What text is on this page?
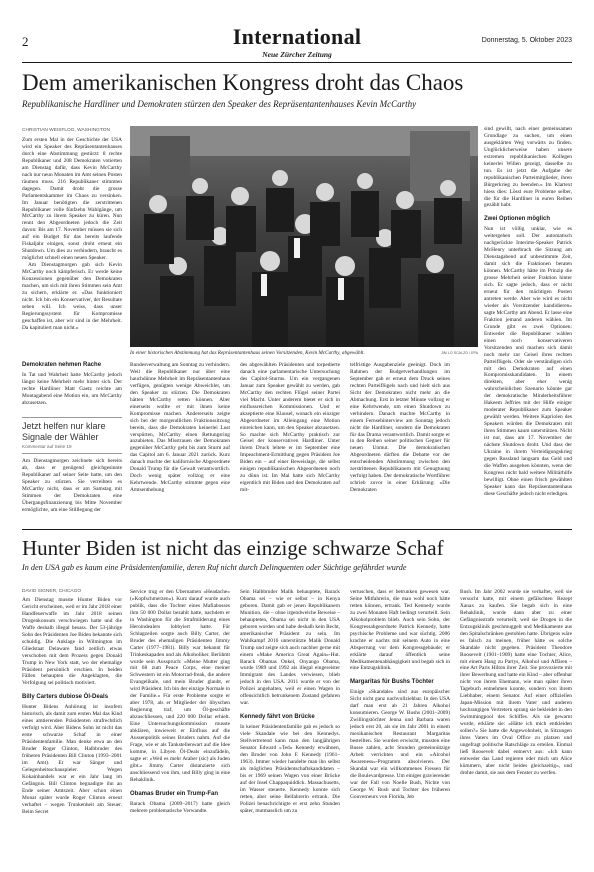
2	International
Neue Zürcher Zeitung
Donnerstag, 5. Oktober 2023
Dem amerikanischen Kongress droht das Chaos
Republikanische Hardliner und Demokraten stürzen den Speaker des Repräsentantenhauses Kevin McCarthy
CHRISTIAN WEISFLOG, WASHINGTON

Zum ersten Mal in der Geschichte der USA wird ein Speaker des Repräsentantenhauses durch eine Abstimmung gestürzt: 8 rechte Republikaner und 208 Demokraten votierten am Dienstag dafür, dass Kevin McCarthy nach nur neun Monaten im Amt seinen Posten räumen muss. 216 Republikaner stimmten dagegen. Damit droht die grosse Parlamentskammer im Chaos zu versinken. Im Januar benötigten die zerstrittenen Republikaner volle fünfzehn Wahlgänge, um McCarthy zu ihrem Speaker zu küren. Nun rennt den Abgeordneten jedoch die Zeit davon: Bis am 17. November müssen sie sich auf ein Budget für das bereits laufende Fiskaljahr einigen, sonst droht erneut ein Shutdown. Um dies zu verhindern, braucht es möglichst schnell einen neuen Speaker.

Am Dienstagmorgen gab sich Kevin McCarthy noch kämpferisch. Er werde keine Konzessionen gegenüber den Demokraten machen, um sich mit ihren Stimmen sein Amt zu sichern, erklärte er. «Das funktioniert nicht. Ich bin ein Konservativer, der Resultate sehen will. Ich weiss, dass unser Regierungssystem für Kompromisse geschaffen ist, aber wir sind in der Mehrheit. Da kapituliert man nicht.»

In einer historischen Abstimmung hat das Repräsentantenhaus seinen Vorsitzenden, Kevin McCarthy, abgewählt.	JIM LO SCALZO / EPA
Demokraten nehmen Rache

In Tat und Wahrheit hatte McCarthy jedoch längst keine Mehrheit mehr hinter sich. Der rechte Hardliner Matt Gaetz reichte am Montagabend eine Motion ein, um McCarthy abzusetzen.

Jetzt helfen nur klare Signale der Wähler
Kommentar auf Seite 19

Am Dienstagmorgen zeichnete sich bereits ab, dass er genügend gleichgesinnte Republikaner auf seiner Seite hatte, um den Speaker zu stürzen. Sie verreihten es McCarthy nicht, dass er am Samstag mit Stimmen der Demokraten eine Übergangsfinanzierung bis Mitte November ermöglichte, um eine Stilllegung der

Bundesverwaltung am Sonntag zu verhindern. Weil die Republikaner nur über eine hauchdünne Mehrheit im Repräsentantenhaus verfügen, genügten wenige Abweichler, um den Speaker zu stürzen. Die Demokraten hätten McCarthy retten können. Aber einerseits wollte er mit ihnen keine Kompromisse machen. Andererseits zeigte sich bei der morgendlichen Fraktionssitzung bereits, dass die Demokraten keinerlei Lust verspürten, McCarthy einen Rettungsring anzubieten. Das Misstrauen der Demokraten gegenüber McCarthy geht bis zum Sturm auf das Capitol am 6. Januar 2021 zurück. Kurz danach machte der kalifornische Abgeordnete Donald Trump für die Gewalt verantwortlich. Doch wenig später vollzog er eine Kehrtwende. McCarthy stimmte gegen eine Amtsenthebung

des abgewählten Präsidenten und torpedierte danach eine parlamentarische Untersuchung des Capitol-Sturms. Um ein vergangenen Januar zum Speaker gewählt zu werden, gab McCarthy den rechten Flügel seiner Partei viel Macht. Unter anderem bietet er sich in einflussreichen Kommissionen. Und er akzeptierte eine Klausel, wonach ein einziger Abgeordneter im Alleingang eine Motion einreichen kann, um den Speaker abzusetzen. So machte sich McCarthy praktisch zur Geisel der konservativen Hardliner. Unter ihrem Druck leitete er im September eine Impeachment-Ermittlung gegen Präsident Joe Biden ein – auf einer Beweislage, die selbst einigen republikanischen Abgeordneten noch zu dünn ist. Im Mai hatte sich McCarthy eigentlich mit Biden und den Demokraten auf mit-

telfristige Ausgabenziele geeinigt. Doch im Rahmen der Budgetverhandlungen im September gab er erneut dem Druck seines rechten Parteiflügels nach und hielt sich aus Sicht der Demokraten nicht mehr an die Abmachung. Erst in letzter Minute vollzog er eine Kehrtwende, um einen Shutdown zu verhindern. Danach machte McCarthy in einem Fernsehinterview am Sonntag jedoch nicht die Hardliner, sondern die Demokraten für das Drama verantwortlich. Damit sorgte er in den Reihen seiner politischen Gegner für neuen Unmut. Die demokratischen Abgeordneten dürften die Debatte vor der entscheidenden Abstimmung zwischen den zerstrittenen Republikanern mit Genugtuung verfolgt haben. Der demokratische Wortführer schrieb zuvor in einer Erklärung: «Die Demokraten

sind gewillt, nach einer gemeinsamen Grundlage zu suchen, um einen ausgeklärten Weg vorwärts zu finden. Unglücklicherweise haben unsere extremen republikanischen Kollegen keinerlei Willen gezeigt, dasselbe zu tun. Es ist jetzt die Aufgabe der republikanischen Parteimitglieder, ihren Bürgerkrieg zu beenden.» Im Klartext hiess dies: Lösst eure Probleme selber, die für die Hardliner in euren Reihen gezählt habt.

Zwei Optionen möglich

Nun ist völlig unklar, wie es weitergehen soll. Der automatisch nachgerückte Interims-Speaker Patrick McHenry unterbrach die Sitzung am Dienstagabend auf unbestimmte Zeit, damit sich die Fraktionen beraten können. McCarthy hätte im Prinzip die grosse Mehrheit seiner Fraktion hinter sich. Er sagte jedoch, dass er nicht erneut für den mächtigen Posten antreten werde. Aber wie wird es nicht wieder als Vorsitzender kandidieren» sagte McCarthy am Abend. Er lasse eine Fraktion jemand anderen wählen. Im Grunde gibt es zwei Optionen: Entweder die Republikaner wählen einen noch konservativeren Vorsitzenden und machen sich damit noch mehr zur Geisel ihres rechten Parteiflügels. Oder sie verständigen sich mit den Demokraten auf einen Kompromisskandidaten. In einem direkten, aber eher wenig wahrscheinlichen Szenario könnte gar der demokratische Minderheitsführer Hakeem Jeffries mit der Hilfe einiger moderater Republikaner zum Speaker gewählt werden. Weitere Kapriolen des Speakers würden die Demokraten mit ihren Stimmen kaum unterstützen. Nicht ist nur, dass am 17. November der nächste Shutdown droht. Und dass der Ukraine in ihrem Verteidigungskrieg gegen Russland langsam das Geld und die Waffen ausgehen könnten, wenn der Kongress nicht bald weitere Militärhilfe bewilligt. Ohne einen frisch gewählten Speaker kann das Repräsentantenhaus diese Geschäfte jedoch nicht erledigen.

Hunter Biden ist nicht das einzige schwarze Schaf
In den USA gab es kaum eine Präsidentenfamilie, deren Ruf nicht durch Delinquenten oder Süchtige gefährdet wurde
DAVID SIGNER, CHICAGO

Am Dienstag musste Hunter Biden vor Gericht erscheinen, weil er im Jahr 2018 einer Handfeuerwaffe im Jahr 2018 seinen Drogenkonsum verschwiegen hatte und die Waffe deshalb illegal besass. Der 53-jährige Sohn des Präsidenten Joe Biden bekannte sich schuldig. Die Anklage in Wilmington im Gliedstaat Delaware fand zeitlich etwas verschoben mit dem Prozess gegen Donald Trump in New York statt, wo der ehemalige Präsident persönlich erschien. In beiden Fällen behaupten die Angeklagten, die Verfolgung sei politisch motiviert.

Billy Carters dubiose Öl-Deals

Hunter Bidens Anhörung ist insofern historisch, als damit zum ersten Mal das Kind eines amtierenden Präsidenten strafrechtlich verfolgt wird. Aber Bidens Sohn ist nicht das erste schwarze Schaf in einer Präsidentenfamilie. Man denke etwa an den Bruder Roger Clinton, Halbbruder des früheren Präsidenten Bill Clinton (1993–2001 im Amt). Er war Sänger und Gelegenheitsschauspieler. Wegen Kokainhandels war er ein Jahr lang im Gefängnis. Bill Clinton begnadigte ihn an Ende seiner Amtszeit. Aber schon einen Monat später wurde Roger Clinton erneut verhaftet – wegen Trunkenheit am Steuer. Beim Secret

Service trug er den Übernamen «Headache» («Kopfschmerzen»). Kurz darauf wurde auch publik, dass die Tochter eines Mafiabosses ihm 50 000 Dollar bezahlt hatte, nachdem er in Washington für die Strafmilderung eines Heroindealers lobbyiert hatte. Für Schlagzeilen sorgte auch Billy Carter, der Bruder des ehemaligen Präsidenten Jimmy Carter (1977–1981). Billy war bekannt für Trinkeskapaden und als Alkoholiker. Berühmt wurde sein Ausspruch: «Meine Mutter ging mit 68 zum Peace Corps, eine meiner Schwestern ist ein Motorrad-freak, die andere Evangelikale, und mein Bruder glaubt, er wird Präsident. Ich bin der einzige Normale in der Familie.» Für erste Probleme sorgte er aber 1978, als er Mitglieder der libyschen Regierung traf, um Öl-geschäfte abzuschliessen, und 220 000 Dollar erhielt. Eine Untersuchungskommission musste abklären, inwieweit er Einfluss auf die Aussenpolitik seines Bruders nahm. Auf die Frage, wie er als Tankstellenwart auf die Idee komme, in Libyen Öl-Deals einzufädeln, sagte er: «Weil es mehr Araber (sic) als Juden gibt.» Jimmy Carter distanzierte sich anschliessend von ihm, und Billy ging in eine Rehaklinik.

Obamas Bruder ein Trump-Fan

Barack Obama (2009–2017) hatte gleich mehrere problematische Verwandte.

Sein Halbbruder Malik behauptete, Barack Obama sei – wie er selbst – in Kenya geboren. Damit gab er jenen Republikanern Munition, die – ohne irgendwelche Beweise – behaupteten, Obama sei nicht in den USA geboren worden und habe deshalb kein Recht, amerikanischer Präsident zu sein. Im Wahlkampf 2016 unterstützte Malik Donald Trump und zeigte sich auch nachher gerne mit einem «Make America Great Again»-Hut. Barack Obamas Onkel, Onyango Obama, wurde 1989 und 1992 als illegal eingereister Immigrant des Landes verwiesen, blieb jedoch in den USA. 2011 wurde er von der Polizei angehalten, weil er einen Wagen in offensichtlich betrunkenem Zustand gefahren war.

Kennedy fährt von Brücke

In keiner Präsidentenfamilie gab es jedoch so viele Skandale wie bei den Kennedys. Stellvertretend kann man den langjährigen Senator Edward «Ted» Kennedy erwähnen, den Bruder von John F. Kennedy (1961–1963). Immer wieder handelte man ihn selbst als möglichen Präsidentschaftskandidaten – bis er 1969 seinen Wagen von einer Brücke auf der Insel Chappaquiddick. Massachusetts, im Wasser steuerte. Kennedy konnte sich retten, aber seine Beifahrerin ertrank. Die Polizei benachrichtigte er erst zehn Stunden später, mutmasslich um zu

vertuschen, dass er betrunken gewesen war. Seine Mitfahrerin, die man wohl noch hätte retten können, ertrank. Ted Kennedy wurde zu zwei Monaten Haft bedingt verurteilt. Sein Alkoholproblem blieb. Auch sein Sohn, der Kongressabgeordnete Patrick Kennedy, hatte psychische Probleme und war süchtig. 2006 krachte er nachts mit seinem Auto in eine Absperrung vor dem Kongressgebäude; er erklärte darauf öffentlich seine Medikamentenabhängigkeit und begab sich in eine Entzugsklinik.

Margaritas für Bushs Töchter

Einige «Skandale» sind aus europäischer Sicht nicht ganz nachvollziehbar. In den USA darf man erst ab 21 Jahren Alkohol konsumieren. George W. Bushs (2001–2009) Zwillingstöchter Jenna und Barbara waren jedoch erst 20, als sie im Jahr 2001 in einem mexikanischen Restaurant Margaritas bestellten. Sie wurden erwischt, mussten eine Busse zahlen, acht Stunden gemeinnützige Arbeit verrichten und ein «Alcohol Awareness»-Programm absolvieren. Der Skandal war ein willkommenes Fressen für die Boulevardpresse. Um einiges gravierender war der Fall von Noelle Bush, Nichte von George W. Bush und Tochter des früheren Gouverneurs von Florida, Jeb

Bush. Im Jahr 2002 wurde sie verhaftet, weil sie versucht hatte, mit einem gefälschten Rezept Xanax zu kaufen. Sie begab sich in eine Rehaklinik, wurde dann aber zu einer Gefängnisstrafe verurteilt, weil sie Drogen in die Entzugsklinik geschmuggelt und Medikamente aus den Spitalschränken gestohlen hatte. Übrigens wäre es falsch zu meinen, früher hätte es solche Skandale nicht gegeben. Präsident Theodore Roosevelt (1901–1909) hatte eine Tochter, Alice, mit einem Hang zu Partys, Alkohol und Affären – eine Art Paris Hilton ihrer Zeit. Sie provozierte mit ihrer Bewerbung und hatte ein Kind – aber offenbar nicht von ihrem Ehemann, wie man später ihren Tagebuch entnehmen konnte, sondern von ihrem Liebhaber, einem Senator. Auf einer offiziellen Japan-Mission mit ihrem Vater und anderen hochrangigen Vertretern sprang sie bekleidet in den Swimmingpool des Schiffes. Als sie gewarnt wurde, erklärte sie: «Hätte ich mich entkleiden sollen?» Sie hatte die Angewohnheit, in Sitzungen ihres Vaters im Oval Office zu platzen und ungefragt politische Ratschläge zu erteilen. Einmal ließ Roosevelt dabei entnervt aus: «Ich kann entweder das Land regieren oder mich um Alice kümmern, aber nicht beides gleichzeitig», und drohte damit, sie aus dem Fenster zu werfen.
